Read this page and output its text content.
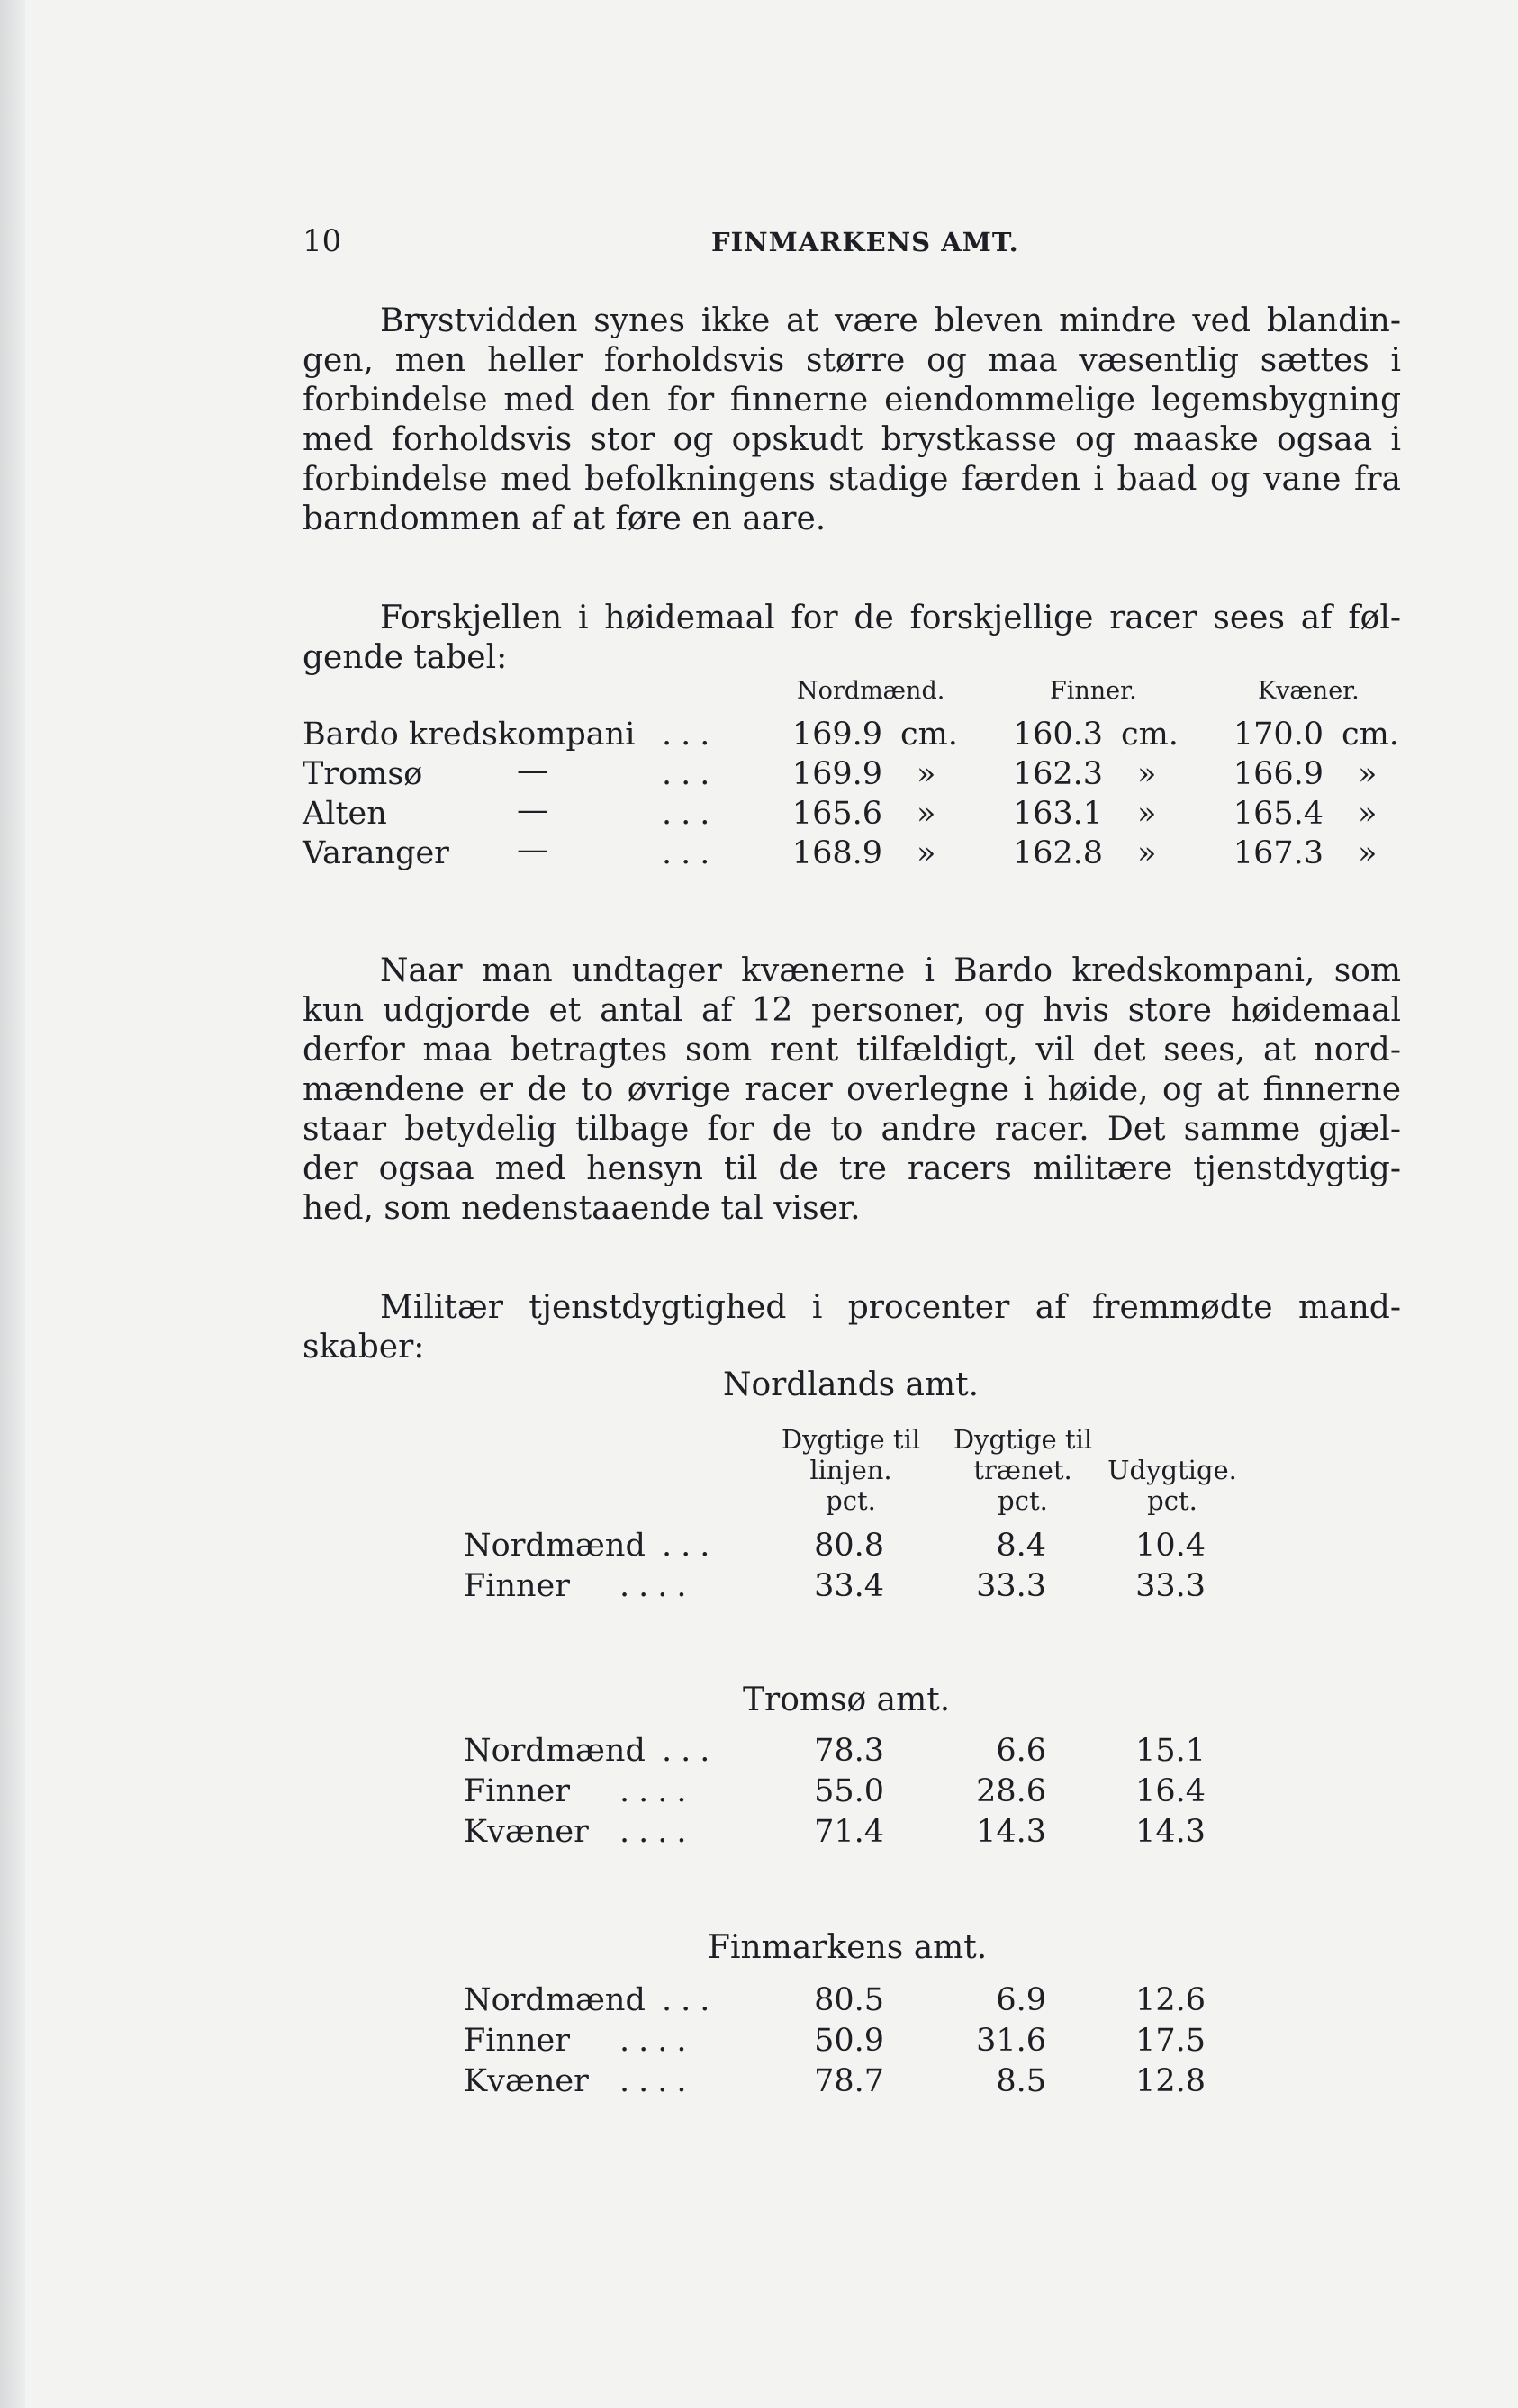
10	FINMARKENS AMT.
Brystvidden synes ikke at være bleven mindre ved blandin-
gen, men heller forholdsvis større og maa væsentlig sættes i
forbindelse med den for finnerne eiendommelige legemsbygning
med forholdsvis stor og opskudt brystkasse og maaske ogsaa i
forbindelse med befolkningens stadige færden i baad og vane fra
barndommen af at føre en aare.
Forskjellen i høidemaal for de forskjellige racer sees af føl-
gende tabel:
Nordmænd.	Finner.	Kvæner.
Bardo kredskompani ... 169.9 cm. 160.3 cm. 170.0 cm.
Tromsø	—	... 169.9 » 162.3 » 166.9 »
Alten	—	... 165.6 » 163.1 » 165.4 »
Varanger —	... 168.9 » 162.8 » 167.3 »
Naar man undtager kvænerne i Bardo kredskompani, som
kun udgjorde et antal af 12 personer, og hvis store høidemaal
derfor maa betragtes som rent tilfældigt, vil det sees, at nord-
mændene er de to øvrige racer overlegne i høide, og at finnerne
staar betydelig tilbage for de to andre racer. Det samme gjæl-
der ogsaa med hensyn til de tre racers militære tjenstdygtig-
hed, som nedenstaaende tal viser.
Militær tjenstdygtighed i procenter af fremmødte mand-
skaber:
Nordlands amt.
Dygtige til
linjen.
pct.
Dygtige til
trænet.
pct.
Udygtige.
pct.
Nordmænd ...	80.8	8.4	10.4
Finner ....	33.4	33.3	33.3
Tromsø amt.
Nordmænd ...	78.3	6.6	15.1
Finner ....	55.0	28.6	16.4
Kvæner ....	71.4	14.3	14.3
Finmarkens amt.
Nordmænd ...	80.5	6.9	12.6
Finner ....	50.9	31.6	17.5
Kvæner ....	78.7	8.5	12.8
